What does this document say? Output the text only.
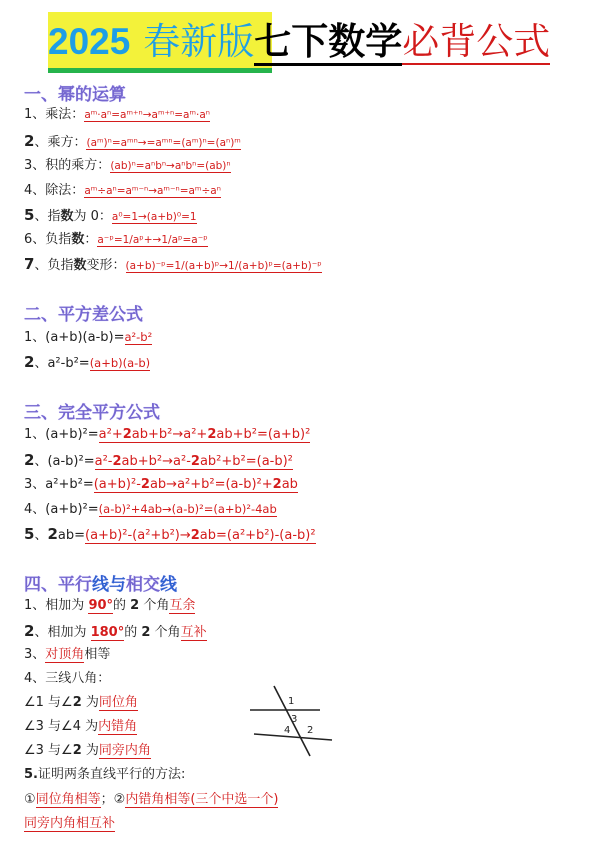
2025 春新版七下数学必背公式
一、幂的运算
1、乘法：aᵐ·aⁿ=aᵐ⁺ⁿ→aᵐ⁺ⁿ=aᵐ·aⁿ
2、乘方：(aᵐ)ⁿ=aᵐⁿ→=aᵐⁿ=(aᵐ)ⁿ=(aⁿ)ᵐ
3、积的乘方：(ab)ⁿ=aⁿbⁿ→aⁿbⁿ=(ab)ⁿ
4、除法：aᵐ÷aⁿ=aᵐ⁻ⁿ→aᵐ⁻ⁿ=aᵐ÷aⁿ
5、指数为 0：a⁰=1→(a+b)⁰=1
6、负指数：a⁻ᵖ=1/aᵖ+→1/aᵖ=a⁻ᵖ
7、负指数变形：(a+b)⁻ᵖ=1/(a+b)ᵖ→1/(a+b)ᵖ=(a+b)⁻ᵖ
二、平方差公式
1、(a+b)(a-b)=a²-b²
2、a²-b²=(a+b)(a-b)
三、完全平方公式
1、(a+b)²=a²+2ab+b²→a²+2ab+b²=(a+b)²
2、(a-b)²=a²-2ab+b²→a²-2ab²+b²=(a-b)²
3、a²+b²=(a+b)²-2ab→a²+b²=(a-b)²+2ab
4、(a+b)²=(a-b)²+4ab→(a-b)²=(a+b)²-4ab
5、2ab=(a+b)²-(a²+b²)→2ab=(a²+b²)-(a-b)²
四、平行线与相交线
1、相加为 90°的 2 个角互余
2、相加为 180°的 2 个角互补
3、对顶角相等
4、三线八角：
∠1 与∠2 为同位角
∠3 与∠4 为内错角
∠3 与∠2 为同旁内角
5.证明两条直线平行的方法:
①同位角相等；②内错角相等(三个中选一个)
同旁内角相互补
1
3
4 2
